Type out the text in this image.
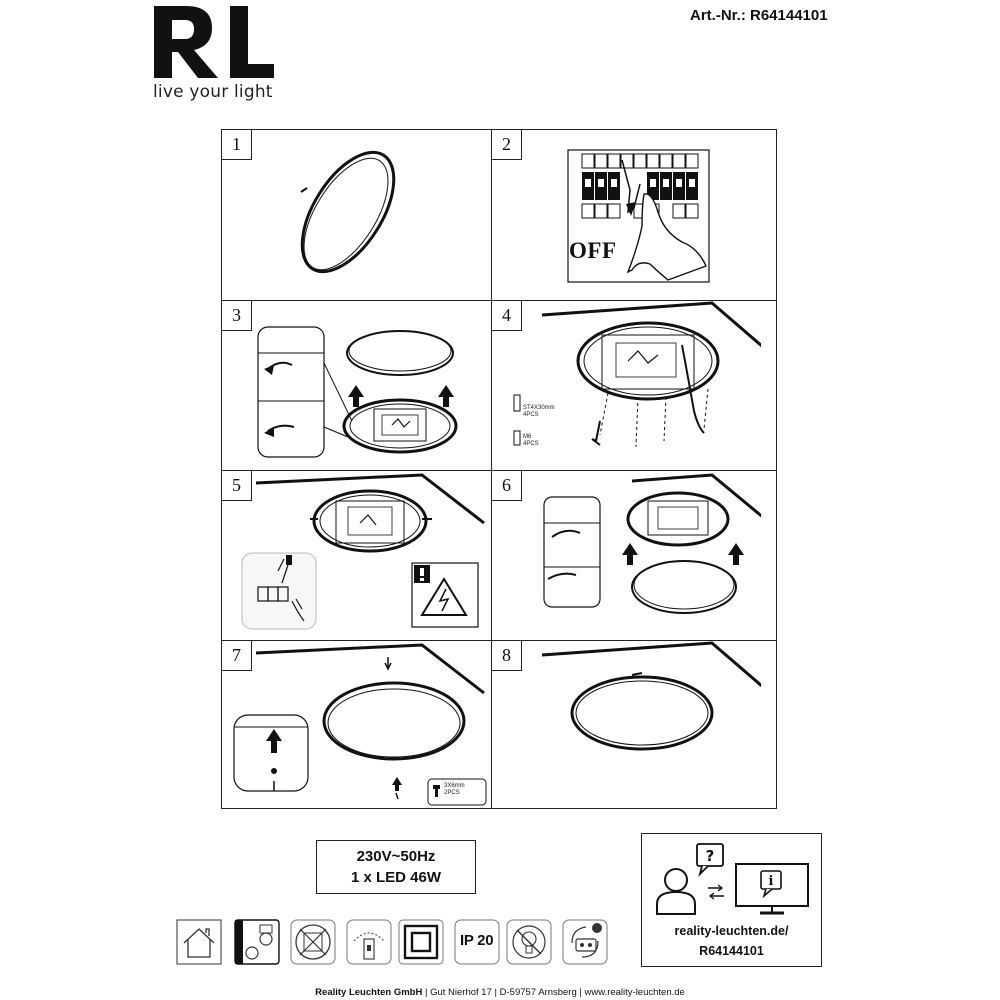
live your light
Art.-Nr.: R64144101
1	2
OFF
3	4
ST4X30mm
4PCS
M6
4PCS
5	6
7
3X6mm
2PCS
8
230V~50Hz
1 x LED 46W
?
i
reality-leuchten.de/
R64144101
IP 20
Reality Leuchten GmbH | Gut Nierhof 17 | D-59757 Arnsberg | www.reality-leuchten.de
